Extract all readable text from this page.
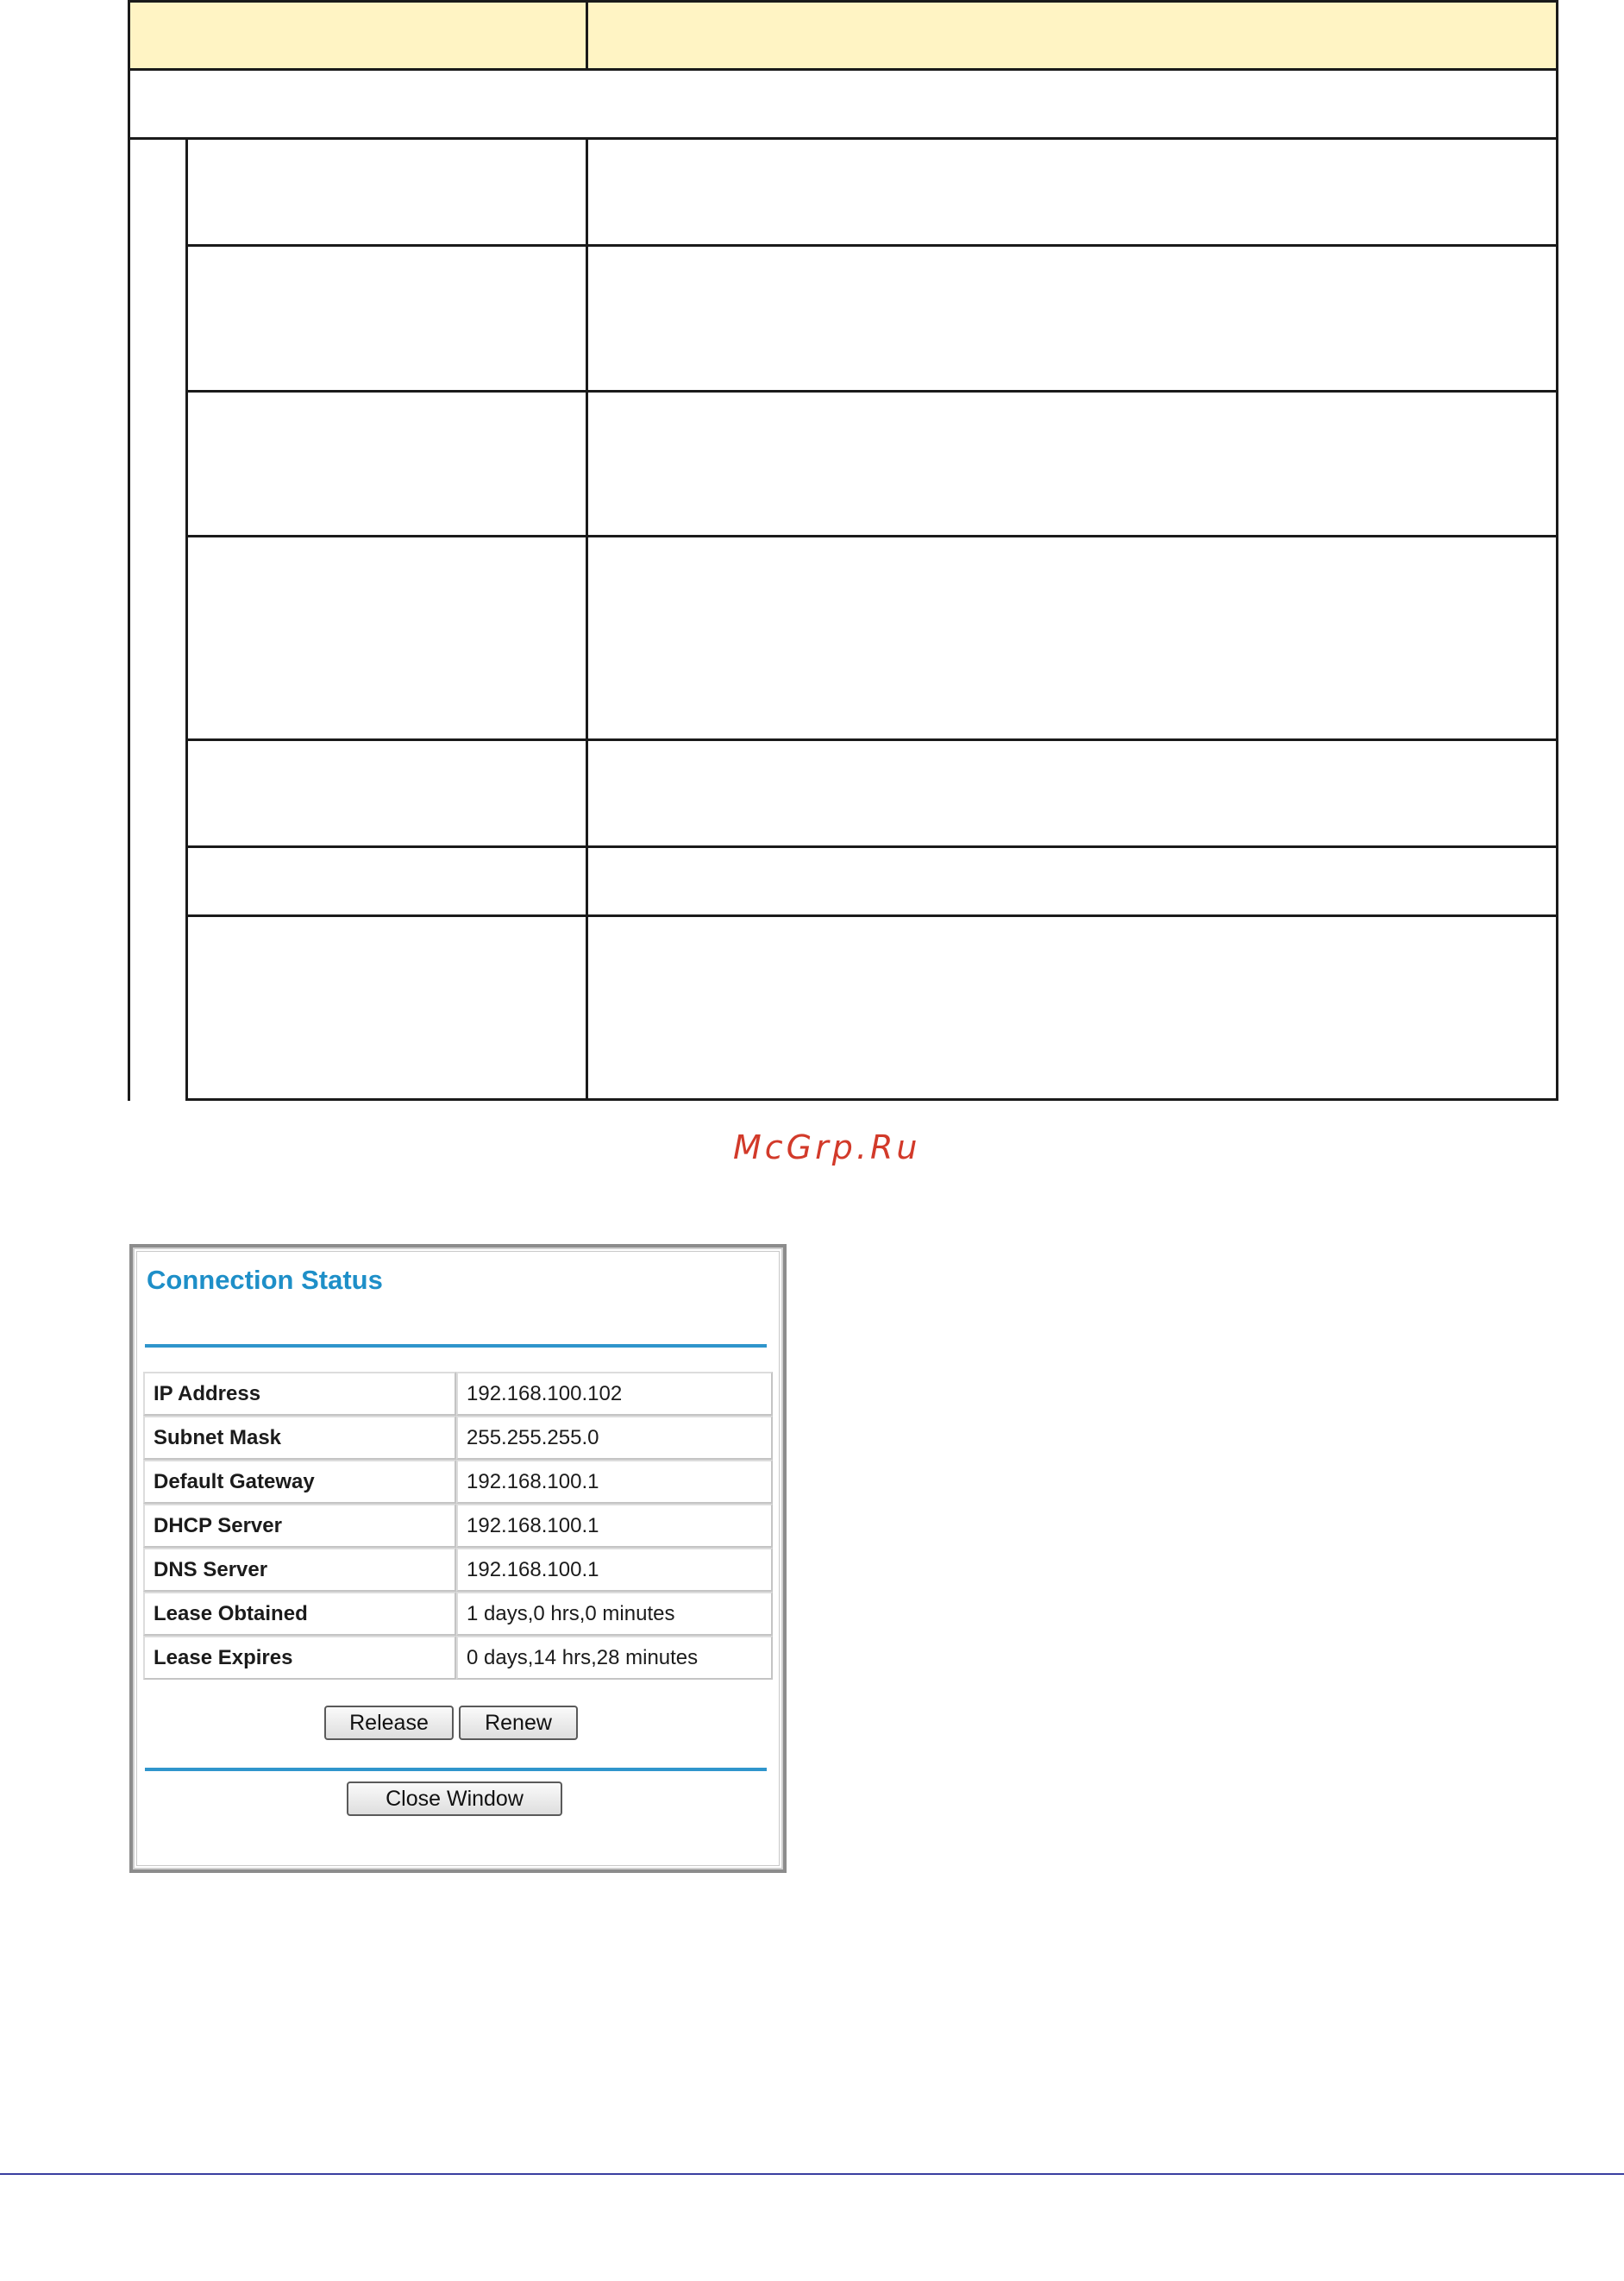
McGrp.Ru
Connection Status
IP Address	192.168.100.102
Subnet Mask	255.255.255.0
Default Gateway	192.168.100.1
DHCP Server	192.168.100.1
DNS Server	192.168.100.1
Lease Obtained	1 days,0 hrs,0 minutes
Lease Expires	0 days,14 hrs,28 minutes
Release	Renew
Close Window
